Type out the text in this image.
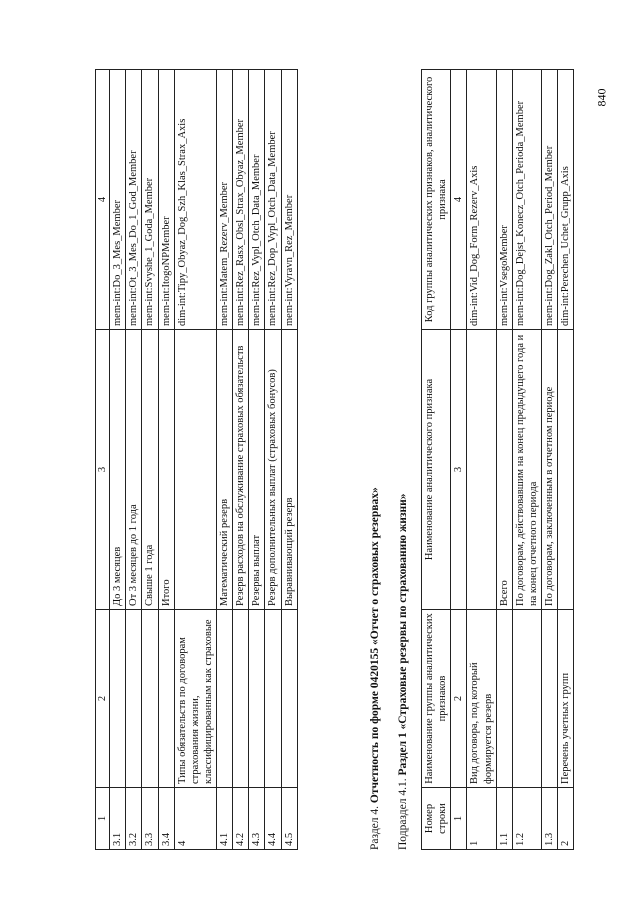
840
1	2	3	4
3.1		До 3 месяцев	mem-int:Do_3_Mes_Member
3.2		От 3 месяцев до 1 года	mem-int:Ot_3_Mes_Do_1_God_Member
3.3		Свыше 1 года	mem-int:Svyshe_1_Goda_Member
3.4		Итого	mem-int:ItogoNPMember
4	Типы обязательств по договорам страхования жизни, классифицированным как страховые		dim-int:Tipy_Obyaz_Dog_Szh_Klas_Strax_Axis
4.1		Математический резерв	mem-int:Matem_Rezerv_Member
4.2		Резерв расходов на обслуживание страховых обязательств	mem-int:Rez_Rasx_Obsl_Strax_Obyaz_Member
4.3		Резервы выплат	mem-int:Rez_Vypl_Otch_Data_Member
4.4		Резерв дополнительных выплат (страховых бонусов)	mem-int:Rez_Dop_Vypl_Otch_Data_Member
4.5		Выравнивающий резерв	mem-int:Vyravn_Rez_Member
Раздел 4. Отчетность по форме 0420155 «Отчет о страховых резервах»
Подраздел 4.1. Раздел 1 «Страховые резервы по страхованию жизни»
Номер строки	Наименование группы аналитических признаков	Наименование аналитического признака	Код группы аналитических признаков, аналитического признака
1	2	3	4
1	Вид договора, под который формируется резерв		dim-int:Vid_Dog_Form_Rezerv_Axis
1.1		Всего	mem-int:VsegoMember
1.2		По договорам, действовавшим на конец предыдущего года и на конец отчетного периода	mem-int:Dog_Dejst_Konecz_Otch_Perioda_Member
1.3		По договорам, заключенным в отчетном периоде	mem-int:Dog_Zakl_Otch_Period_Member
2	Перечень учетных групп		dim-int:Perechen_Uchet_Grupp_Axis
